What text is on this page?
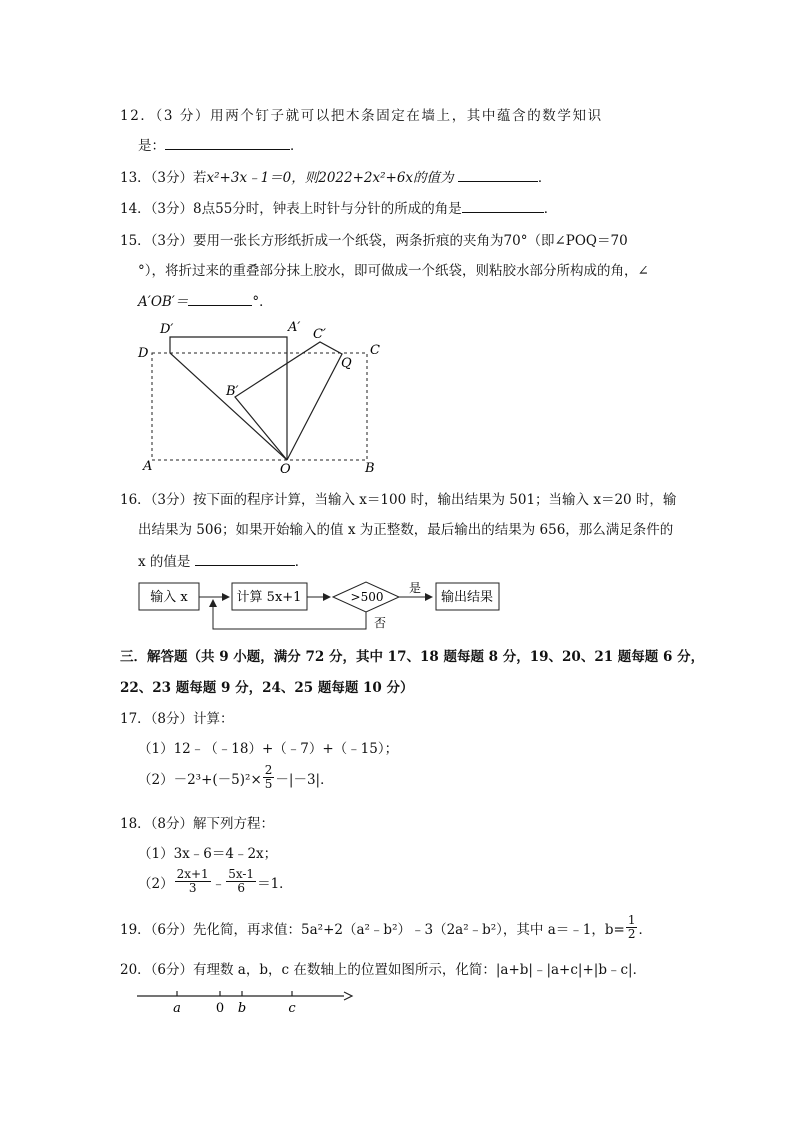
12．（3 分）用两个钉子就可以把木条固定在墙上，其中蕴含的数学知识
是：	．
13．（3分）若x²+3x﹣1＝0，则2022+2x²+6x的值为	．
14．（3分）8点55分时，钟表上时针与分针的所成的角是	．
15．（3分）要用一张长方形纸折成一个纸袋，两条折痕的夹角为70°（即∠POQ＝70
°），将折过来的重叠部分抹上胶水，即可做成一个纸袋，则粘胶水部分所构成的角，∠
A′OB′＝	°．
D′	A′ C′
D	C
Q
B′
A	O	B
16．（3分）按下面的程序计算，当输入 x＝100 时，输出结果为 501；当输入 x＝20 时，输
出结果为 506；如果开始输入的值 x 为正整数，最后输出的结果为 656，那么满足条件的
x 的值是	．
输入 x	计算 5x+1	>500
是
输出结果
否
三．解答题（共 9 小题，满分 72 分，其中 17、18 题每题 8 分，19、20、21 题每题 6 分，
22、23 题每题 9 分，24、25 题每题 10 分）
17．（8分）计算：
（1）12﹣（﹣18）+（﹣7）+（﹣15）；
$(2) -2^3+(-5)^2\times \frac{2}{5} -|-3|$．
18．（8分）解下列方程：
（1）3x﹣6＝4﹣2x；
$(2) \frac{2x+1}{3}$ ﹣ $\frac{5x-1}{6} =1$．
19．（6分）先化简，再求值：5a²+2（a²﹣b²）﹣3（2a²﹣b²），其中 a＝﹣1，$b= \frac{1}{2}$ ．
20．（6分）有理数 a，b，c 在数轴上的位置如图所示，化简：|a+b|﹣|a+c|+|b﹣c|．
a	0 b	c
